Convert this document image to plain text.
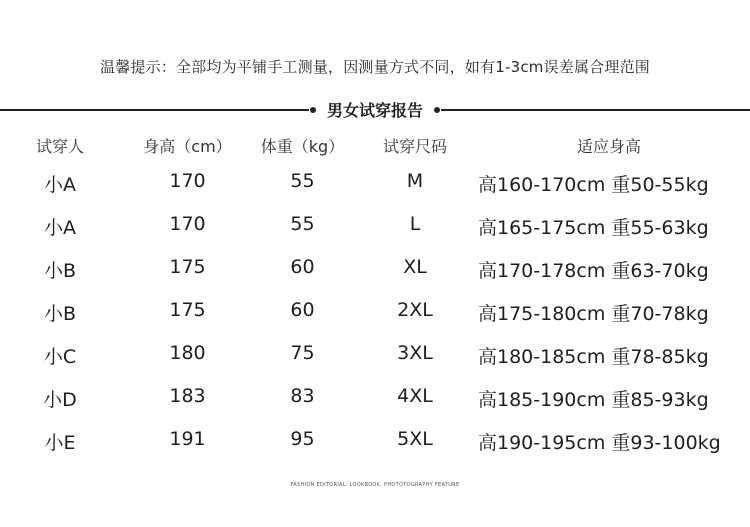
温馨提示：全部均为平铺手工测量，因测量方式不同，如有1-3cm误差属合理范围
男女试穿报告
试穿人	身高（cm）	体重（kg）	试穿尺码	适应身高
小A	170	55	M	高160-170cm 重50-55kg
小A	170	55	L	高165-175cm 重55-63kg
小B	175	60	XL	高170-178cm 重63-70kg
小B	175	60	2XL	高175-180cm 重70-78kg
小C	180	75	3XL	高180-185cm 重78-85kg
小D	183	83	4XL	高185-190cm 重85-93kg
小E	191	95	5XL	高190-195cm 重93-100kg
FASHION EDITORIAL. LOOKBOOK. PHOTOTOGRAPHY FEATURE
